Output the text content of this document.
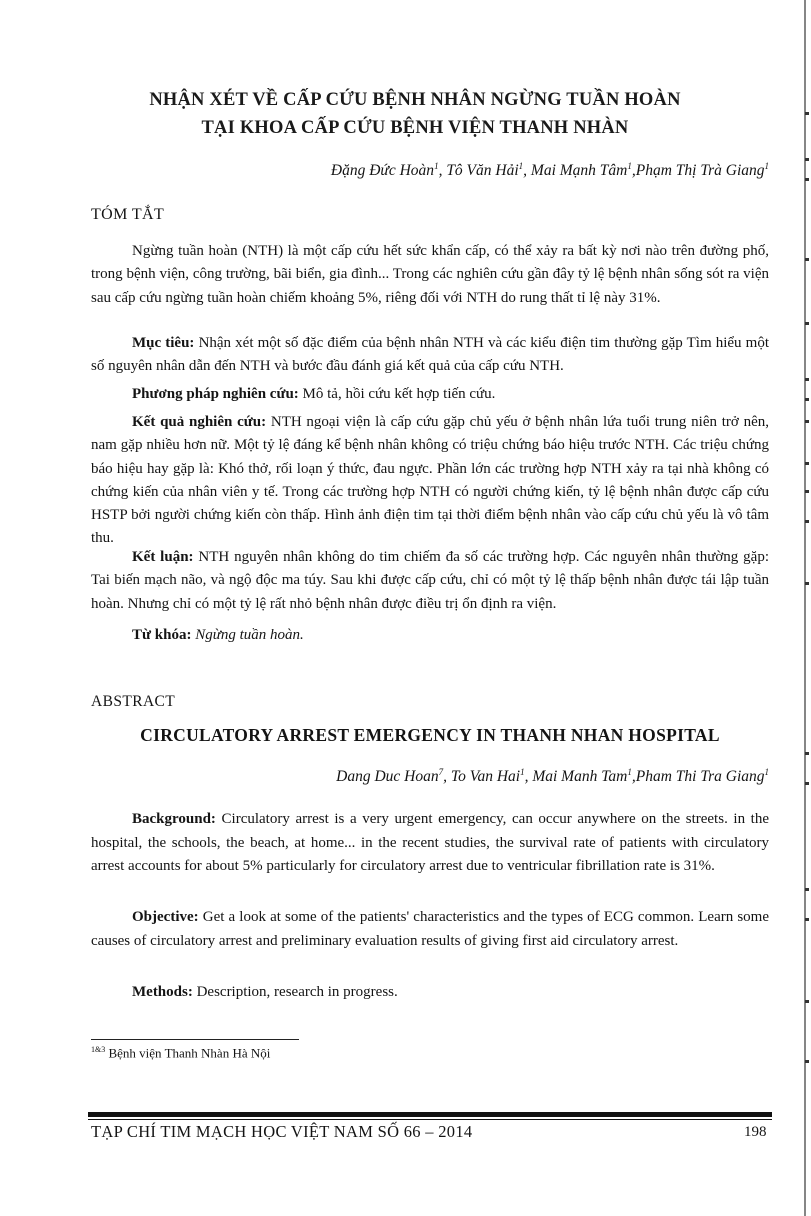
NHẬN XÉT VỀ CẤP CỨU BỆNH NHÂN NGỪNG TUẦN HOÀN
TẠI KHOA CẤP CỨU BỆNH VIỆN THANH NHÀN
Đặng Đức Hoàn$^1$, Tô Văn Hải$^1$, Mai Mạnh Tâm$^1$,Phạm Thị Trà Giang$^1$
TÓM TẮT
Ngừng tuần hoàn (NTH) là một cấp cứu hết sức khẩn cấp, có thể xảy ra bất kỳ nơi nào trên đường phố, trong bệnh viện, công trường, bãi biển, gia đình... Trong các nghiên cứu gần đây tỷ lệ bệnh nhân sống sót ra viện sau cấp cứu ngừng tuần hoàn chiếm khoảng 5%, riêng đối với NTH do rung thất tỉ lệ này 31%.
Mục tiêu: Nhận xét một số đặc điểm của bệnh nhân NTH và các kiểu điện tim thường gặp Tìm hiểu một số nguyên nhân dẫn đến NTH và bước đầu đánh giá kết quả của cấp cứu NTH.
Phương pháp nghiên cứu: Mô tả, hồi cứu kết hợp tiến cứu.
Kết quả nghiên cứu: NTH ngoại viện là cấp cứu gặp chủ yếu ở bệnh nhân lứa tuổi trung niên trở nên, nam gặp nhiều hơn nữ. Một tỷ lệ đáng kể bệnh nhân không có triệu chứng báo hiệu trước NTH. Các triệu chứng báo hiệu hay gặp là: Khó thở, rối loạn ý thức, đau ngực. Phần lớn các trường hợp NTH xảy ra tại nhà không có chứng kiến của nhân viên y tế. Trong các trường hợp NTH có người chứng kiến, tỷ lệ bệnh nhân được cấp cứu HSTP bởi người chứng kiến còn thấp. Hình ảnh điện tim tại thời điểm bệnh nhân vào cấp cứu chủ yếu là vô tâm thu.
Kết luận: NTH nguyên nhân không do tim chiếm đa số các trường hợp. Các nguyên nhân thường gặp: Tai biến mạch não, và ngộ độc ma túy. Sau khi được cấp cứu, chỉ có một tỷ lệ thấp bệnh nhân được tái lập tuần hoàn. Nhưng chỉ có một tỷ lệ rất nhỏ bệnh nhân được điều trị ổn định ra viện.
Từ khóa: Ngừng tuần hoàn.
ABSTRACT
CIRCULATORY ARREST EMERGENCY IN THANH NHAN HOSPITAL
Dang Duc Hoan$^7$, To Van Hai$^1$, Mai Manh Tam$^1$,Pham Thi Tra Giang$^1$
Background: Circulatory arrest is a very urgent emergency, can occur anywhere on the streets. in the hospital, the schools, the beach, at home... in the recent studies, the survival rate of patients with circulatory arrest accounts for about 5% particularly for circulatory arrest due to ventricular fibrillation rate is 31%.
Objective: Get a look at some of the patients' characteristics and the types of ECG common. Learn some causes of circulatory arrest and preliminary evaluation results of giving first aid circulatory arrest.
Methods: Description, research in progress.
$^{1\&3}$ Bệnh viện Thanh Nhàn Hà Nội
TẠP CHÍ TIM MẠCH HỌC VIỆT NAM SỐ 66 – 2014	198
